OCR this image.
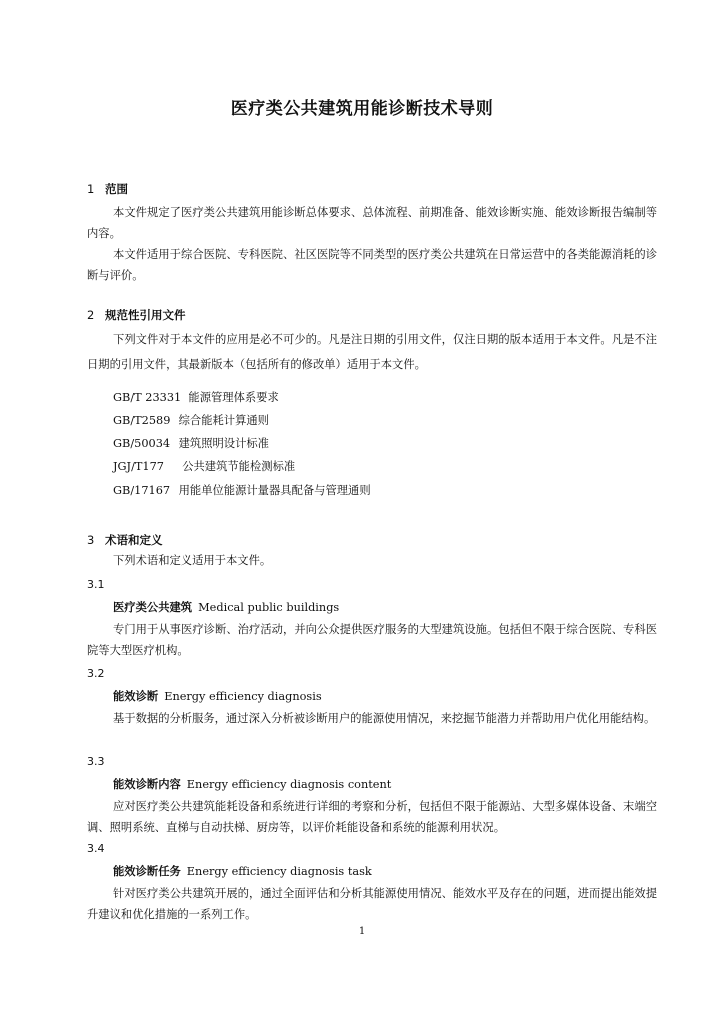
医疗类公共建筑用能诊断技术导则
1 范围

本文件规定了医疗类公共建筑用能诊断总体要求、总体流程、前期准备、能效诊断实施、能效诊断报告编制等内容。

本文件适用于综合医院、专科医院、社区医院等不同类型的医疗类公共建筑在日常运营中的各类能源消耗的诊断与评价。

2 规范性引用文件

下列文件对于本文件的应用是必不可少的。凡是注日期的引用文件，仅注日期的版本适用于本文件。凡是不注日期的引用文件，其最新版本（包括所有的修改单）适用于本文件。

GB/T 23331 能源管理体系要求
GB/T2589 综合能耗计算通则
GB/50034 建筑照明设计标准
JGJ/T177 公共建筑节能检测标准
GB/17167 用能单位能源计量器具配备与管理通则
3 术语和定义

下列术语和定义适用于本文件。

3.1
医疗类公共建筑 Medical public buildings

专门用于从事医疗诊断、治疗活动，并向公众提供医疗服务的大型建筑设施。包括但不限于综合医院、专科医院等大型医疗机构。

3.2
能效诊断 Energy efficiency diagnosis

基于数据的分析服务，通过深入分析被诊断用户的能源使用情况，来挖掘节能潜力并帮助用户优化用能结构。

3.3
能效诊断内容 Energy efficiency diagnosis content

应对医疗类公共建筑能耗设备和系统进行详细的考察和分析，包括但不限于能源站、大型多媒体设备、末端空调、照明系统、直梯与自动扶梯、厨房等，以评价耗能设备和系统的能源利用状况。

3.4
能效诊断任务 Energy efficiency diagnosis task

针对医疗类公共建筑开展的，通过全面评估和分析其能源使用情况、能效水平及存在的问题，进而提出能效提升建议和优化措施的一系列工作。

1
